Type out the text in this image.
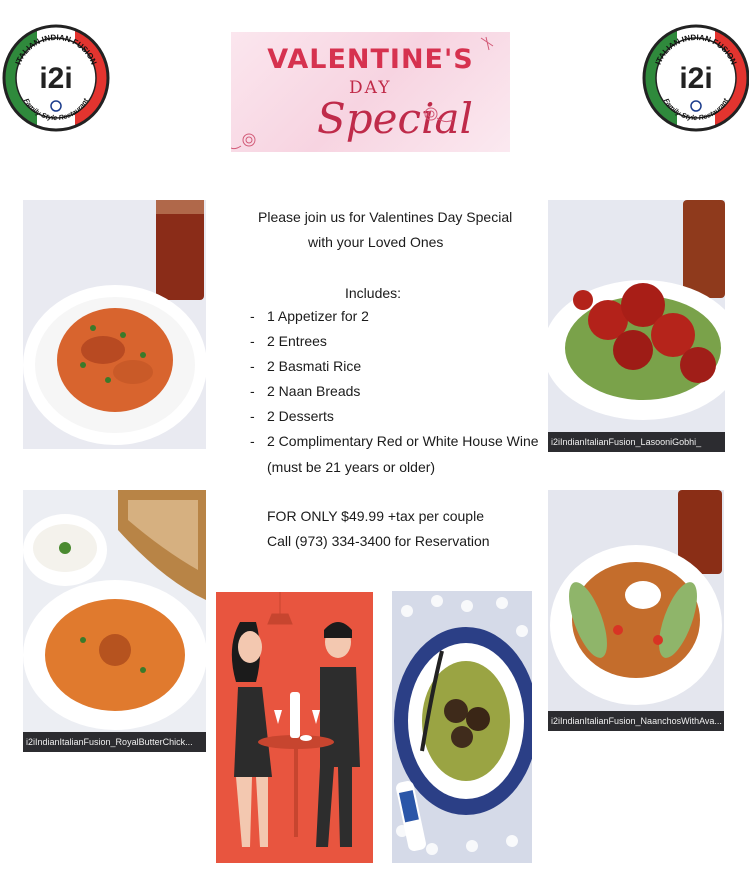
ITALIAN INDIAN FUSION
Family Style Restaurant
i2i
VALENTINE'S
DAY
Special
ITALIAN INDIAN FUSION
Family Style Restaurant
i2i
i2iIndianItalianFusion_LasooniGobhi_
i2iIndianItalianFusion_RoyalButterChick...
i2iIndianItalianFusion_NaanchosWithAva...
Please join us for Valentines Day Special
with your Loved Ones
Includes:
- 1 Appetizer for 2
- 2 Entrees
- 2 Basmati Rice
- 2 Naan Breads
- 2 Desserts
- 2 Complimentary Red or White House Wine
(must be 21 years or older)
FOR ONLY $49.99 +tax per couple
Call (973) 334-3400 for Reservation
